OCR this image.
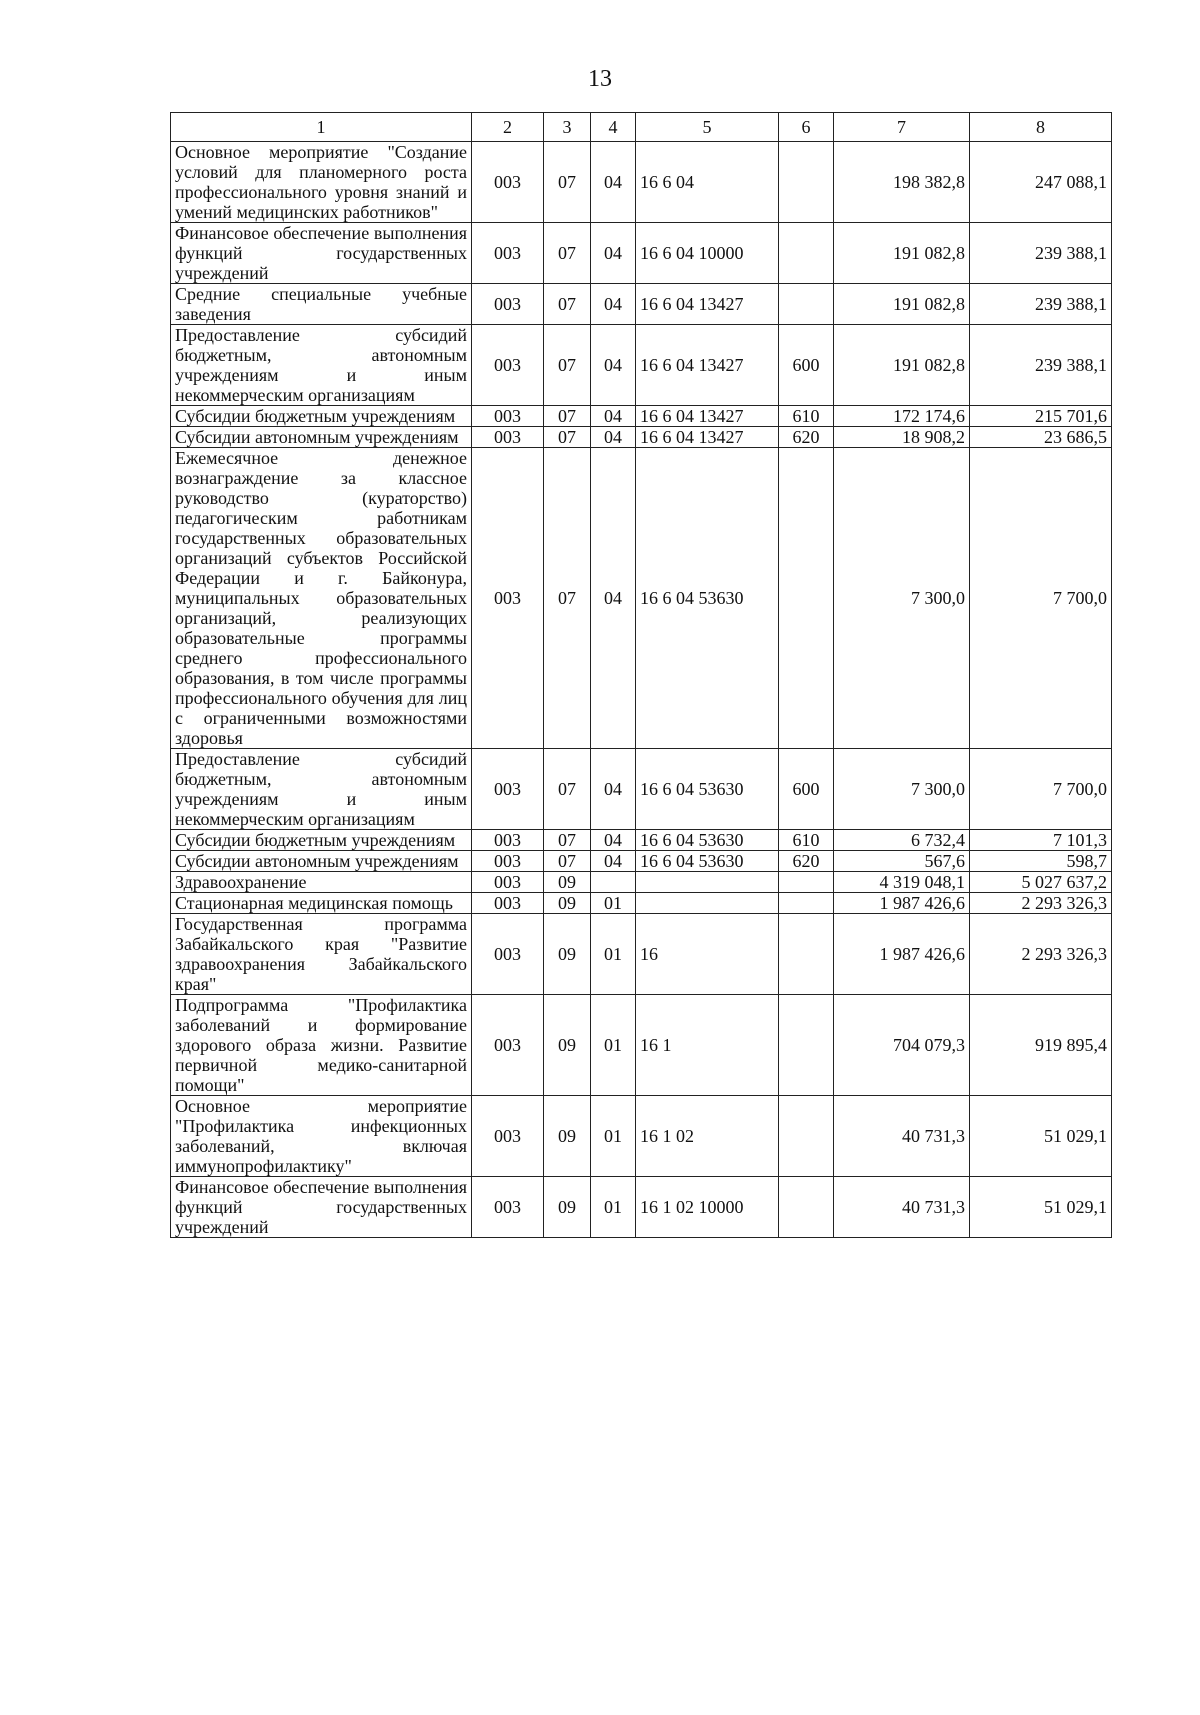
13
1	2	3	4	5	6	7	8
Основное мероприятие "Создание условий для планомерного роста профессионального уровня знаний и умений медицинских работников"	003	07	04	16 6 04		198 382,8	247 088,1
Финансовое обеспечение выполнения функций государственных учреждений	003	07	04	16 6 04 10000		191 082,8	239 388,1
Средние специальные учебные заведения	003	07	04	16 6 04 13427		191 082,8	239 388,1
Предоставление субсидий бюджетным, автономным учреждениям и иным некоммерческим организациям	003	07	04	16 6 04 13427	600	191 082,8	239 388,1
Субсидии бюджетным учреждениям	003	07	04	16 6 04 13427	610	172 174,6	215 701,6
Субсидии автономным учреждениям	003	07	04	16 6 04 13427	620	18 908,2	23 686,5
Ежемесячное денежное вознаграждение за классное руководство (кураторство) педагогическим работникам государственных образовательных организаций субъектов Российской Федерации и г. Байконура, муниципальных образовательных организаций, реализующих образовательные программы среднего профессионального образования, в том числе программы профессионального обучения для лиц с ограниченными возможностями здоровья	003	07	04	16 6 04 53630		7 300,0	7 700,0
Предоставление субсидий бюджетным, автономным учреждениям и иным некоммерческим организациям	003	07	04	16 6 04 53630	600	7 300,0	7 700,0
Субсидии бюджетным учреждениям	003	07	04	16 6 04 53630	610	6 732,4	7 101,3
Субсидии автономным учреждениям	003	07	04	16 6 04 53630	620	567,6	598,7
Здравоохранение	003	09				4 319 048,1	5 027 637,2
Стационарная медицинская помощь	003	09	01			1 987 426,6	2 293 326,3
Государственная программа Забайкальского края "Развитие здравоохранения Забайкальского края"	003	09	01	16		1 987 426,6	2 293 326,3
Подпрограмма "Профилактика заболеваний и формирование здорового образа жизни. Развитие первичной медико-санитарной помощи"	003	09	01	16 1		704 079,3	919 895,4
Основное мероприятие "Профилактика инфекционных заболеваний, включая иммунопрофилактику"	003	09	01	16 1 02		40 731,3	51 029,1
Финансовое обеспечение выполнения функций государственных учреждений	003	09	01	16 1 02 10000		40 731,3	51 029,1
